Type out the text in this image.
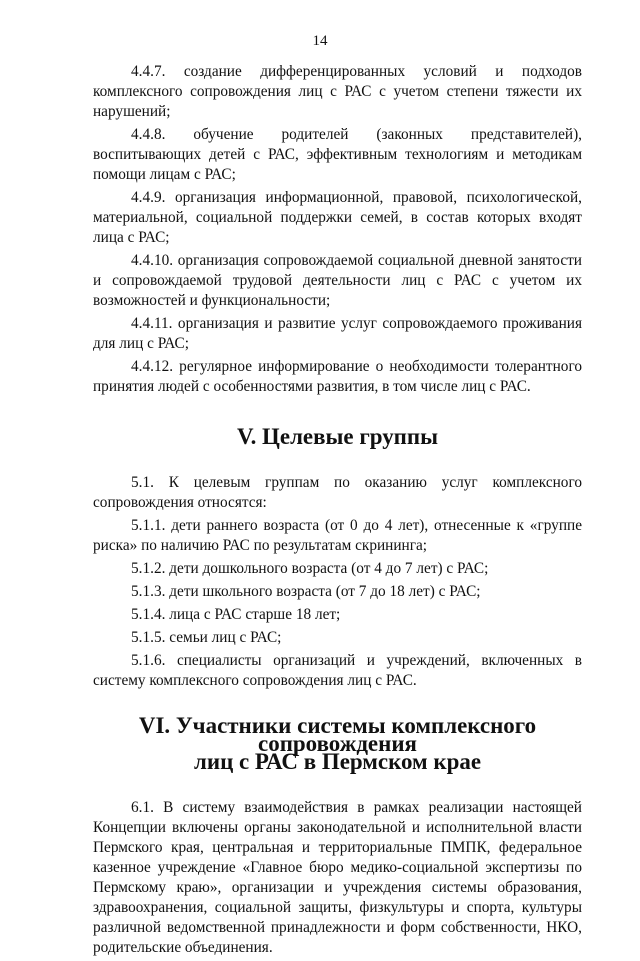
14

4.4.7. создание дифференцированных условий и подходов комплексного сопровождения лиц с РАС с учетом степени тяжести их нарушений;

4.4.8. обучение родителей (законных представителей), воспитывающих детей с РАС, эффективным технологиям и методикам помощи лицам с РАС;

4.4.9. организация информационной, правовой, психологической, материальной, социальной поддержки семей, в состав которых входят лица с РАС;

4.4.10. организация сопровождаемой социальной дневной занятости и сопровождаемой трудовой деятельности лиц с РАС с учетом их возможностей и функциональности;

4.4.11. организация и развитие услуг сопровождаемого проживания для лиц с РАС;

4.4.12. регулярное информирование о необходимости толерантного принятия людей с особенностями развития, в том числе лиц с РАС.

V. Целевые группы

5.1. К целевым группам по оказанию услуг комплексного сопровождения относятся:

5.1.1. дети раннего возраста (от 0 до 4 лет), отнесенные к «группе риска» по наличию РАС по результатам скрининга;

5.1.2. дети дошкольного возраста (от 4 до 7 лет) с РАС;

5.1.3. дети школьного возраста (от 7 до 18 лет) с РАС;

5.1.4. лица с РАС старше 18 лет;

5.1.5. семьи лиц с РАС;

5.1.6. специалисты организаций и учреждений, включенных в систему комплексного сопровождения лиц с РАС.

VI. Участники системы комплексного сопровождения
лиц с РАС в Пермском крае

6.1. В систему взаимодействия в рамках реализации настоящей Концепции включены органы законодательной и исполнительной власти Пермского края, центральная и территориальные ПМПК, федеральное казенное учреждение «Главное бюро медико-социальной экспертизы по Пермскому краю», организации и учреждения системы образования, здравоохранения, социальной защиты, физкультуры и спорта, культуры различной ведомственной принадлежности и форм собственности, НКО, родительские объединения.
